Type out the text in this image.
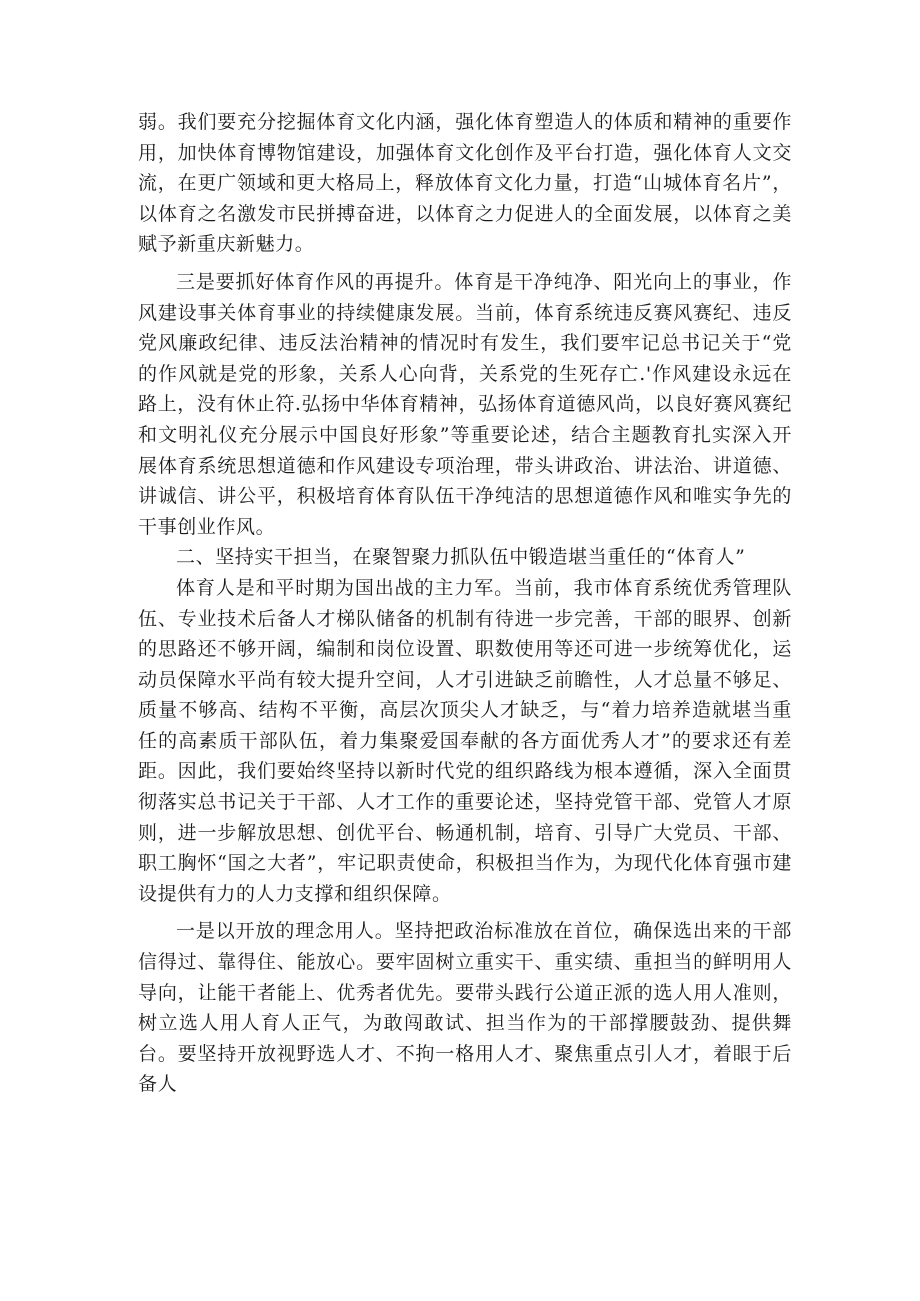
弱。我们要充分挖掘体育文化内涵，强化体育塑造人的体质和精神的重要作用，加快体育博物馆建设，加强体育文化创作及平台打造，强化体育人文交流，在更广领域和更大格局上，释放体育文化力量，打造“山城体育名片”，以体育之名激发市民拼搏奋进，以体育之力促进人的全面发展，以体育之美赋予新重庆新魅力。

三是要抓好体育作风的再提升。体育是干净纯净、阳光向上的事业，作风建设事关体育事业的持续健康发展。当前，体育系统违反赛风赛纪、违反党风廉政纪律、违反法治精神的情况时有发生，我们要牢记总书记关于“党的作风就是党的形象，关系人心向背，关系党的生死存亡.'作风建设永远在路上，没有休止符.弘扬中华体育精神，弘扬体育道德风尚，以良好赛风赛纪和文明礼仪充分展示中国良好形象”等重要论述，结合主题教育扎实深入开展体育系统思想道德和作风建设专项治理，带头讲政治、讲法治、讲道德、讲诚信、讲公平，积极培育体育队伍干净纯洁的思想道德作风和唯实争先的干事创业作风。

二、坚持实干担当，在聚智聚力抓队伍中锻造堪当重任的“体育人”

体育人是和平时期为国出战的主力军。当前，我市体育系统优秀管理队伍、专业技术后备人才梯队储备的机制有待进一步完善，干部的眼界、创新的思路还不够开阔，编制和岗位设置、职数使用等还可进一步统筹优化，运动员保障水平尚有较大提升空间，人才引进缺乏前瞻性，人才总量不够足、质量不够高、结构不平衡，高层次顶尖人才缺乏，与“着力培养造就堪当重任的高素质干部队伍，着力集聚爱国奉献的各方面优秀人才”的要求还有差距。因此，我们要始终坚持以新时代党的组织路线为根本遵循，深入全面贯彻落实总书记关于干部、人才工作的重要论述，坚持党管干部、党管人才原则，进一步解放思想、创优平台、畅通机制，培育、引导广大党员、干部、职工胸怀“国之大者”，牢记职责使命，积极担当作为，为现代化体育强市建设提供有力的人力支撑和组织保障。

一是以开放的理念用人。坚持把政治标准放在首位，确保选出来的干部信得过、靠得住、能放心。要牢固树立重实干、重实绩、重担当的鲜明用人导向，让能干者能上、优秀者优先。要带头践行公道正派的选人用人准则，树立选人用人育人正气，为敢闯敢试、担当作为的干部撑腰鼓劲、提供舞台。要坚持开放视野选人才、不拘一格用人才、聚焦重点引人才，着眼于后备人
